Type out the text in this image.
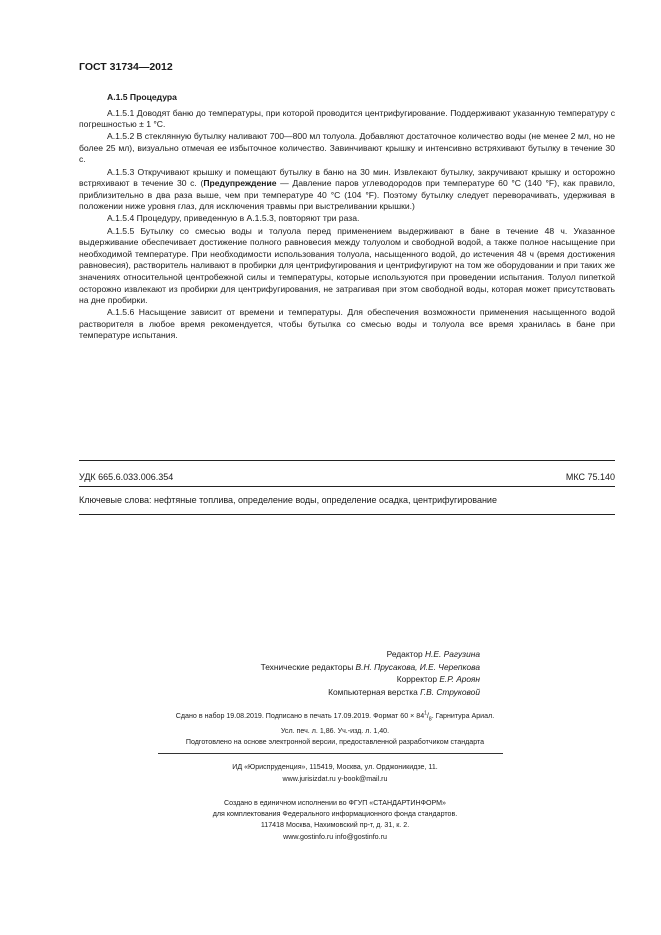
ГОСТ 31734—2012
A.1.5 Процедура

A.1.5.1 Доводят баню до температуры, при которой проводится центрифугирование. Поддерживают указанную температуру с погрешностью ± 1 °C.

A.1.5.2 В стеклянную бутылку наливают 700—800 мл толуола. Добавляют достаточное количество воды (не менее 2 мл, но не более 25 мл), визуально отмечая ее избыточное количество. Завинчивают крышку и интенсивно встряхивают бутылку в течение 30 с.

A.1.5.3 Откручивают крышку и помещают бутылку в баню на 30 мин. Извлекают бутылку, закручивают крышку и осторожно встряхивают в течение 30 с. (Предупреждение — Давление паров углеводородов при температуре 60 °C (140 °F), как правило, приблизительно в два раза выше, чем при температуре 40 °C (104 °F). Поэтому бутылку следует переворачивать, удерживая в положении ниже уровня глаз, для исключения травмы при выстреливании крышки.)

A.1.5.4 Процедуру, приведенную в A.1.5.3, повторяют три раза.

A.1.5.5 Бутылку со смесью воды и толуола перед применением выдерживают в бане в течение 48 ч. Указанное выдерживание обеспечивает достижение полного равновесия между толуолом и свободной водой, а также полное насыщение при необходимой температуре. При необходимости использования толуола, насыщенного водой, до истечения 48 ч (время достижения равновесия), растворитель наливают в пробирки для центрифугирования и центрифугируют на том же оборудовании и при таких же значениях относительной центробежной силы и температуры, которые используются при проведении испытания. Толуол пипеткой осторожно извлекают из пробирки для центрифугирования, не затрагивая при этом свободной воды, которая может присутствовать на дне пробирки.

A.1.5.6 Насыщение зависит от времени и температуры. Для обеспечения возможности применения насыщенного водой растворителя в любое время рекомендуется, чтобы бутылка со смесью воды и толуола все время хранилась в бане при температуре испытания.

УДК 665.6.033.006.354	МКС 75.140
Ключевые слова: нефтяные топлива, определение воды, определение осадка, центрифугирование
Редактор Н.Е. Рагузина
Технические редакторы В.Н. Прусакова, И.Е. Черепкова
Корректор Е.Р. Ароян
Компьютерная верстка Г.В. Струковой
Сдано в набор 19.08.2019. Подписано в печать 17.09.2019. Формат $60 \times 84^1/_8$. Гарнитура Ариал.
Усл. печ. л. 1,86. Уч.-изд. л. 1,40.
Подготовлено на основе электронной версии, предоставленной разработчиком стандарта
ИД «Юриспруденция», 115419, Москва, ул. Орджоникидзе, 11.
www.jurisizdat.ru y-book@mail.ru
Создано в единичном исполнении во ФГУП «СТАНДАРТИНФОРМ»
для комплектования Федерального информационного фонда стандартов.
117418 Москва, Нахимовский пр-т, д. 31, к. 2.
www.gostinfo.ru info@gostinfo.ru
